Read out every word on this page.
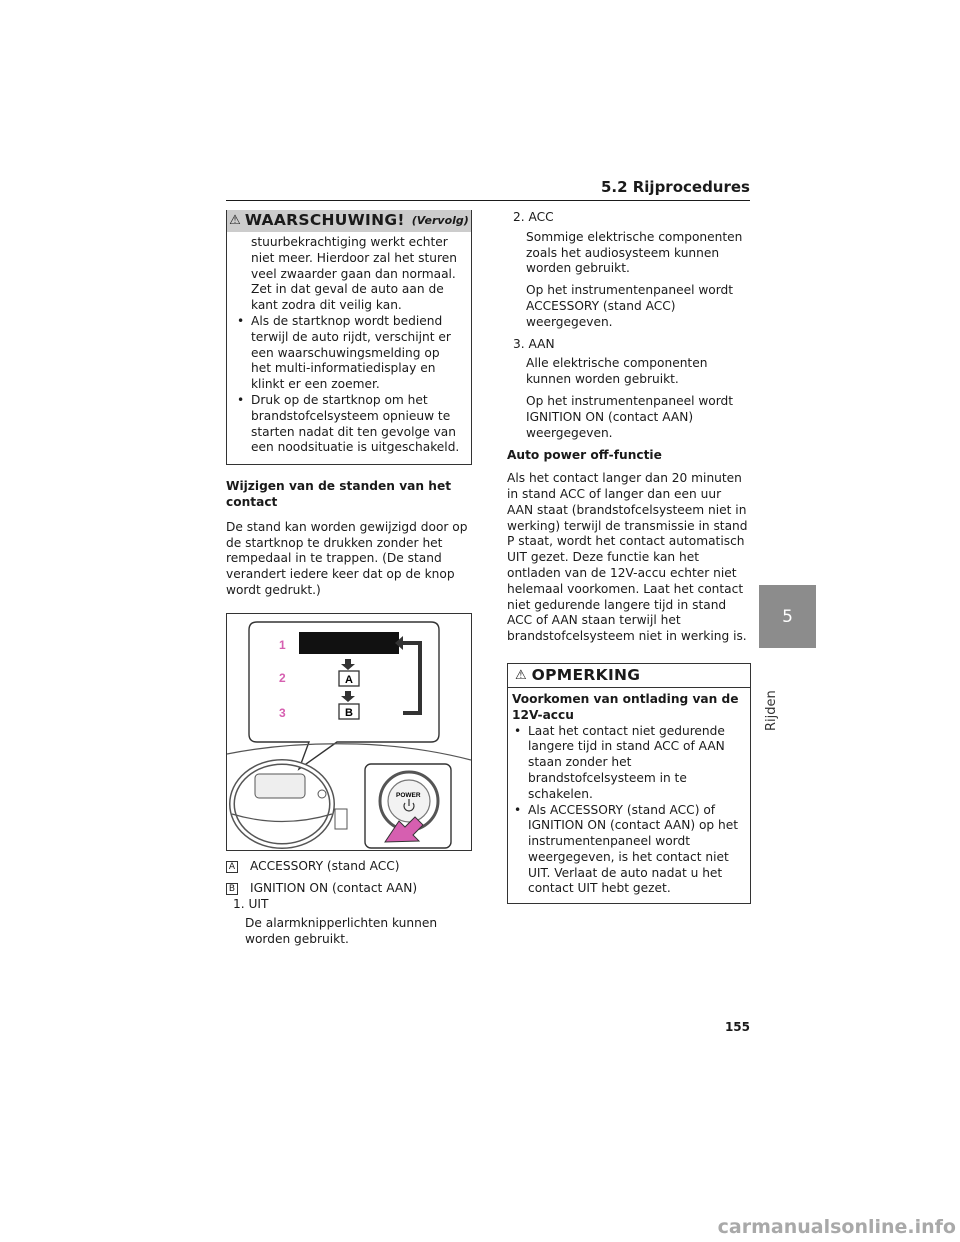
5.2 Rijprocedures
5
Rijden
⚠ WAARSCHUWING! (Vervolg)
stuurbekrachtiging werkt echter niet meer. Hierdoor zal het sturen veel zwaarder gaan dan normaal. Zet in dat geval de auto aan de kant zodra dit veilig kan.
• Als de startknop wordt bediend terwijl de auto rijdt, verschijnt er een waarschuwingsmelding op het multi-informatiedisplay en klinkt er een zoemer.
• Druk op de startknop om het brandstofcelsysteem opnieuw te starten nadat dit ten gevolge van een noodsituatie is uitgeschakeld.
Wijzigen van de standen van het contact
De stand kan worden gewijzigd door op de startknop te drukken zonder het rempedaal in te trappen. (De stand verandert iedere keer dat op de knop wordt gedrukt.)
1
2
3
A
B
POWER
A ACCESSORY (stand ACC)
B IGNITION ON (contact AAN)
1. UIT
De alarmknipperlichten kunnen worden gebruikt.
2. ACC
Sommige elektrische componenten zoals het audiosysteem kunnen worden gebruikt.
Op het instrumentenpaneel wordt ACCESSORY (stand ACC) weergegeven.
3. AAN
Alle elektrische componenten kunnen worden gebruikt.
Op het instrumentenpaneel wordt IGNITION ON (contact AAN) weergegeven.
Auto power off-functie
Als het contact langer dan 20 minuten in stand ACC of langer dan een uur AAN staat (brandstofcelsysteem niet in werking) terwijl de transmissie in stand P staat, wordt het contact automatisch UIT gezet. Deze functie kan het ontladen van de 12V-accu echter niet helemaal voorkomen. Laat het contact niet gedurende langere tijd in stand ACC of AAN staan terwijl het brandstofcelsysteem niet in werking is.
⚠ OPMERKING
Voorkomen van ontlading van de 12V-accu
• Laat het contact niet gedurende langere tijd in stand ACC of AAN staan zonder het brandstofcelsysteem in te schakelen.
• Als ACCESSORY (stand ACC) of IGNITION ON (contact AAN) op het instrumentenpaneel wordt weergegeven, is het contact niet UIT. Verlaat de auto nadat u het contact UIT hebt gezet.
155
carmanualsonline.info
